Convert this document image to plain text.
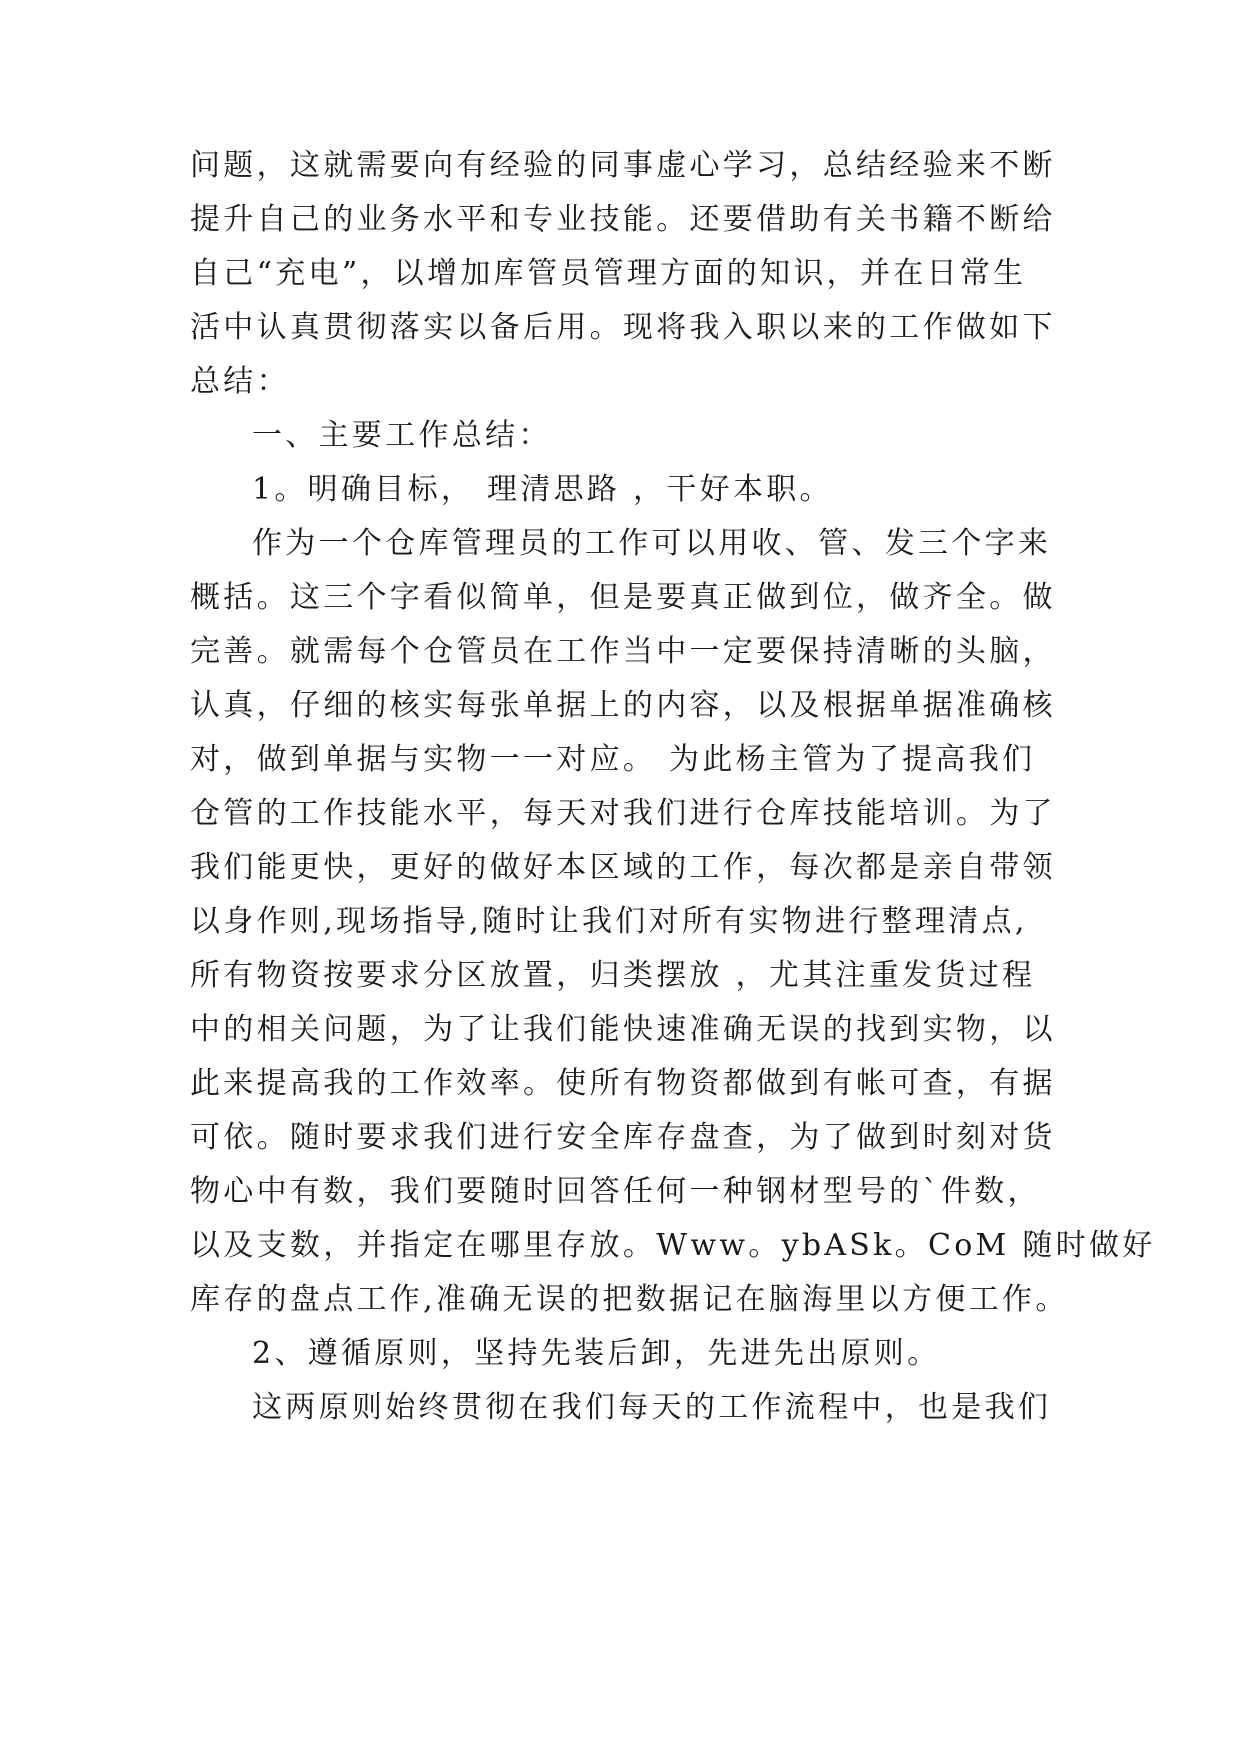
问题，这就需要向有经验的同事虚心学习，总结经验来不断

提升自己的业务水平和专业技能。还要借助有关书籍不断给

自己“充电”，以增加库管员管理方面的知识，并在日常生

活中认真贯彻落实以备后用。现将我入职以来的工作做如下

总结：

一、主要工作总结：

1。明确目标， 理清思路 ，干好本职。

作为一个仓库管理员的工作可以用收、管、发三个字来

概括。这三个字看似简单，但是要真正做到位，做齐全。做

完善。就需每个仓管员在工作当中一定要保持清晰的头脑，

认真，仔细的核实每张单据上的内容，以及根据单据准确核

对，做到单据与实物一一对应。 为此杨主管为了提高我们

仓管的工作技能水平，每天对我们进行仓库技能培训。为了

我们能更快，更好的做好本区域的工作，每次都是亲自带领

以身作则,现场指导,随时让我们对所有实物进行整理清点,

所有物资按要求分区放置，归类摆放 ，尤其注重发货过程

中的相关问题，为了让我们能快速准确无误的找到实物，以

此来提高我的工作效率。使所有物资都做到有帐可查，有据

可依。随时要求我们进行安全库存盘查，为了做到时刻对货

物心中有数，我们要随时回答任何一种钢材型号的`件数，

以及支数，并指定在哪里存放。Www。ybASk。CoM 随时做好

库存的盘点工作,准确无误的把数据记在脑海里以方便工作。

2、遵循原则，坚持先装后卸，先进先出原则。

这两原则始终贯彻在我们每天的工作流程中，也是我们
